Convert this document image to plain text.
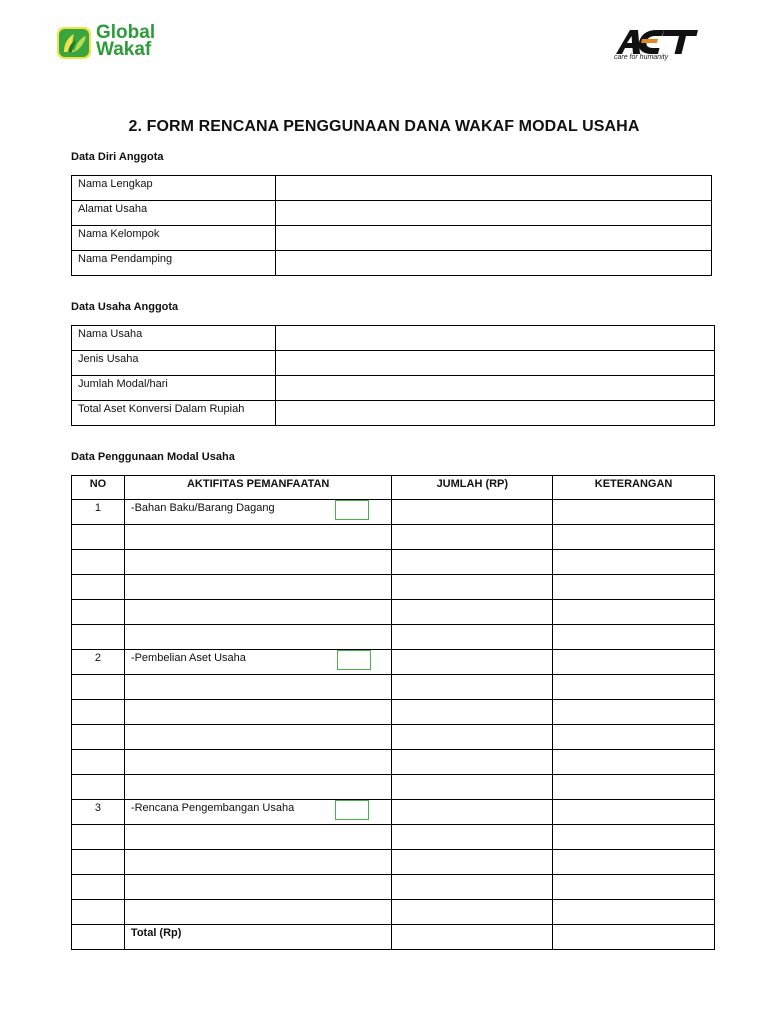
Global
Wakaf	care for humanity
2. FORM RENCANA PENGGUNAAN DANA WAKAF MODAL USAHA
Data Diri Anggota
Nama Lengkap	
Alamat Usaha	
Nama Kelompok	
Nama Pendamping	
Data Usaha Anggota
Nama Usaha	
Jenis Usaha	
Jumlah Modal/hari	
Total Aset Konversi Dalam Rupiah	
Data Penggunaan Modal Usaha
NO	AKTIFITAS PEMANFAATAN	JUMLAH (RP)	KETERANGAN
1	-Bahan Baku/Barang Dagang

2	-Pembelian Aset Usaha

3	-Rencana Pengembangan Usaha

	Total (Rp)		
